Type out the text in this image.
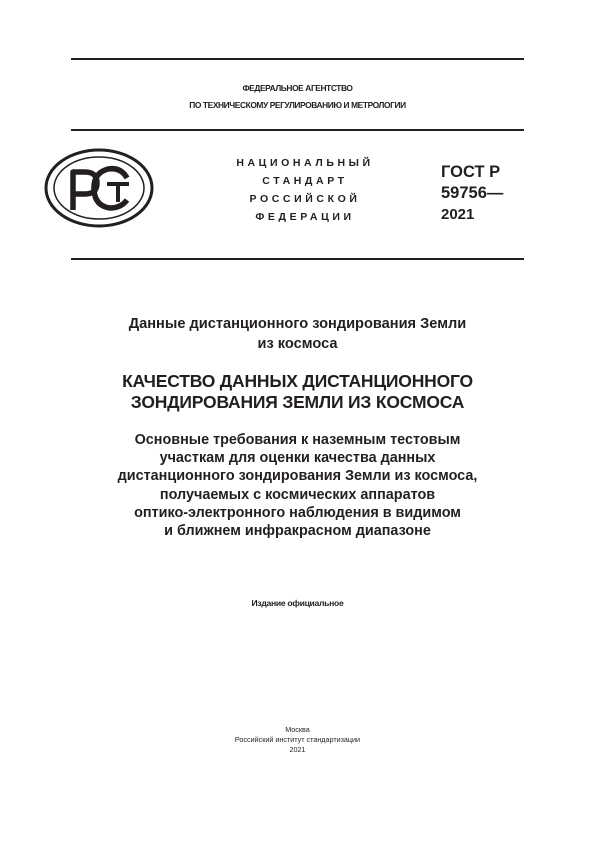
ФЕДЕРАЛЬНОЕ АГЕНТСТВО
ПО ТЕХНИЧЕСКОМУ РЕГУЛИРОВАНИЮ И МЕТРОЛОГИИ
НАЦИОНАЛЬНЫЙ
СТАНДАРТ
РОССИЙСКОЙ
ФЕДЕРАЦИИ
ГОСТ Р
59756—
2021
Данные дистанционного зондирования Земли
из космоса
КАЧЕСТВО ДАННЫХ ДИСТАНЦИОННОГО
ЗОНДИРОВАНИЯ ЗЕМЛИ ИЗ КОСМОСА
Основные требования к наземным тестовым
участкам для оценки качества данных
дистанционного зондирования Земли из космоса,
получаемых с космических аппаратов
оптико-электронного наблюдения в видимом
и ближнем инфракрасном диапазоне
Издание официальное
Москва
Российский институт стандартизации
2021
